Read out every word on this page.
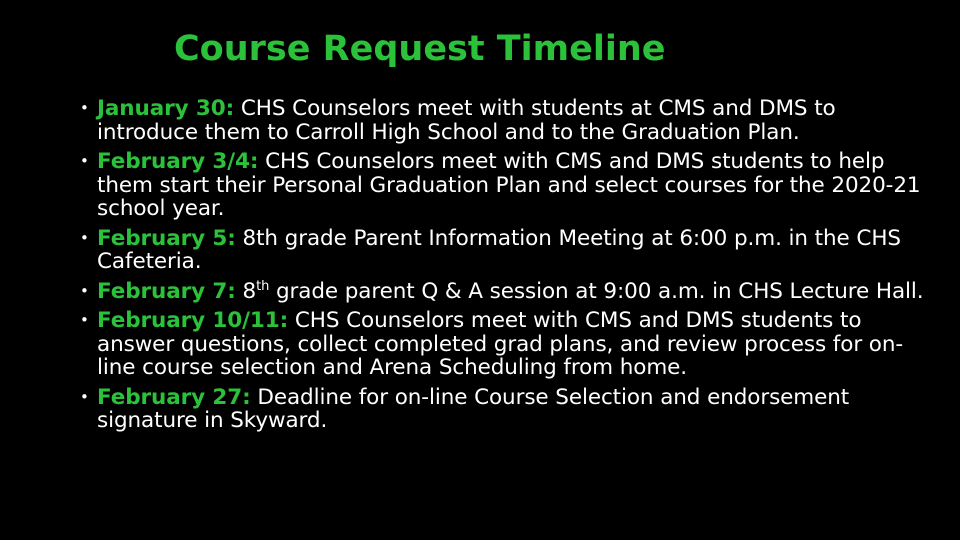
Course Request Timeline
• January 30: CHS Counselors meet with students at CMS and DMS to introduce them to Carroll High School and to the Graduation Plan.
• February 3/4: CHS Counselors meet with CMS and DMS students to help them start their Personal Graduation Plan and select courses for the 2020-21 school year.
• February 5: 8th grade Parent Information Meeting at 6:00 p.m. in the CHS Cafeteria.
• February 7: 8th grade parent Q & A session at 9:00 a.m. in CHS Lecture Hall.
• February 10/11: CHS Counselors meet with CMS and DMS students to answer questions, collect completed grad plans, and review process for on-line course selection and Arena Scheduling from home.
• February 27: Deadline for on-line Course Selection and endorsement signature in Skyward.
